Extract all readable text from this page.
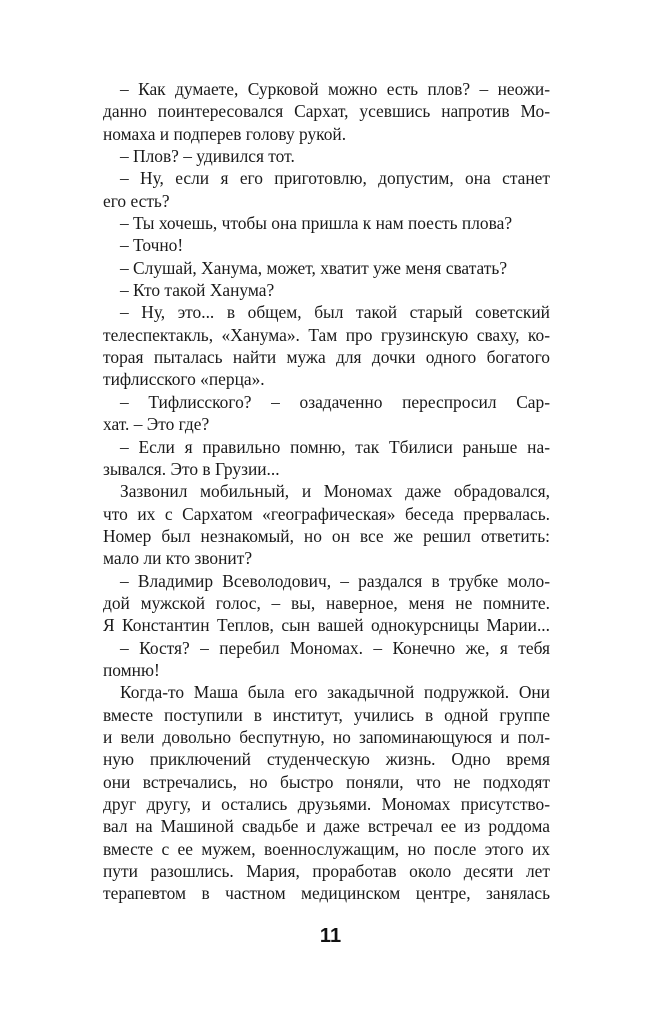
– Как думаете, Сурковой можно есть плов? – неожи-
данно поинтересовался Сархат, усевшись напротив Мо-
номаха и подперев голову рукой.
– Плов? – удивился тот.
– Ну, если я его приготовлю, допустим, она станет
его есть?
– Ты хочешь, чтобы она пришла к нам поесть плова?
– Точно!
– Слушай, Ханума, может, хватит уже меня сватать?
– Кто такой Ханума?
– Ну, это... в общем, был такой старый советский
телеспектакль, «Ханума». Там про грузинскую сваху, ко-
торая пыталась найти мужа для дочки одного богатого
тифлисского «перца».
– Тифлисского? – озадаченно переспросил Сар-
хат. – Это где?
– Если я правильно помню, так Тбилиси раньше на-
зывался. Это в Грузии...
Зазвонил мобильный, и Мономах даже обрадовался,
что их с Сархатом «географическая» беседа прервалась.
Номер был незнакомый, но он все же решил ответить:
мало ли кто звонит?
– Владимир Всеволодович, – раздался в трубке моло-
дой мужской голос, – вы, наверное, меня не помните.
Я Константин Теплов, сын вашей однокурсницы Марии...
– Костя? – перебил Мономах. – Конечно же, я тебя
помню!
Когда-то Маша была его закадычной подружкой. Они
вместе поступили в институт, учились в одной группе
и вели довольно беспутную, но запоминающуюся и пол-
ную приключений студенческую жизнь. Одно время
они встречались, но быстро поняли, что не подходят
друг другу, и остались друзьями. Мономах присутство-
вал на Машиной свадьбе и даже встречал ее из роддома
вместе с ее мужем, военнослужащим, но после этого их
пути разошлись. Мария, проработав около десяти лет
терапевтом в частном медицинском центре, занялась
11
